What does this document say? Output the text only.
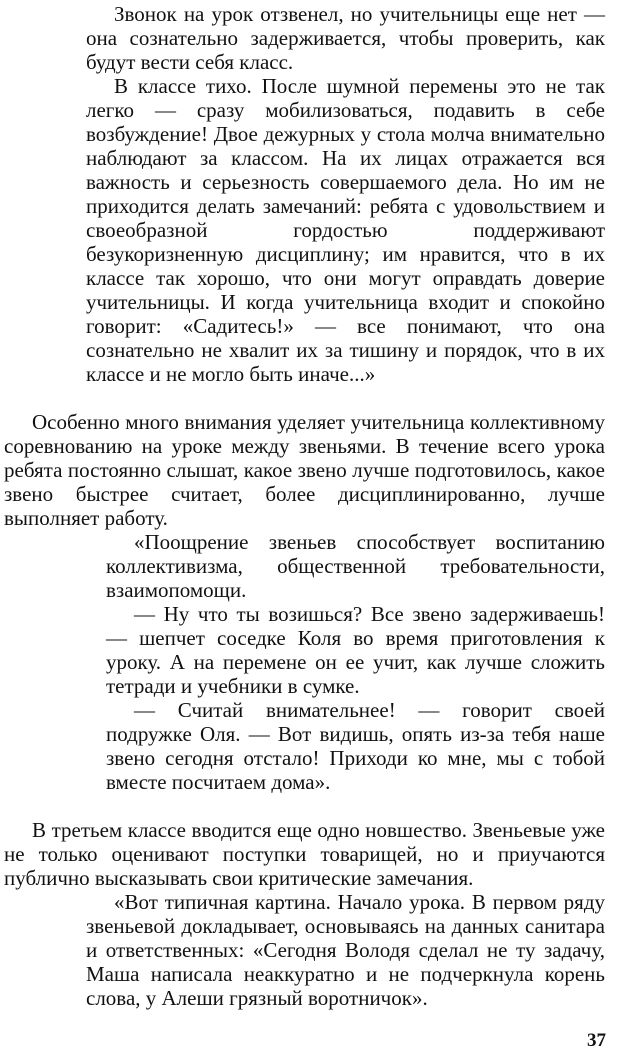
Звонок на урок отзвенел, но учительницы еще нет — она сознательно задерживается, чтобы проверить, как будут вести себя класс.

В классе тихо. После шумной перемены это не так легко — сразу мобилизоваться, подавить в себе возбуждение! Двое дежурных у стола молча внимательно наблюдают за классом. На их лицах отражается вся важность и серьезность совершаемого дела. Но им не приходится делать замечаний: ребята с удовольствием и своеобразной гордостью поддерживают безукоризненную дисциплину; им нравится, что в их классе так хорошо, что они могут оправдать доверие учительницы. И когда учительница входит и спокойно говорит: «Садитесь!» — все понимают, что она сознательно не хвалит их за тишину и порядок, что в их классе и не могло быть иначе...»

Особенно много внимания уделяет учительница коллективному соревнованию на уроке между звеньями. В течение всего урока ребята постоянно слышат, какое звено лучше подготовилось, какое звено быстрее считает, более дисциплинированно, лучше выполняет работу.

«Поощрение звеньев способствует воспитанию коллективизма, общественной требовательности, взаимопомощи.

— Ну что ты возишься? Все звено задерживаешь! — шепчет соседке Коля во время приготовления к уроку. А на перемене он ее учит, как лучше сложить тетради и учебники в сумке.

— Считай внимательнее! — говорит своей подружке Оля. — Вот видишь, опять из-за тебя наше звено сегодня отстало! Приходи ко мне, мы с тобой вместе посчитаем дома».

В третьем классе вводится еще одно новшество. Звеньевые уже не только оценивают поступки товарищей, но и приучаются публично высказывать свои критические замечания.

«Вот типичная картина. Начало урока. В первом ряду звеньевой докладывает, основываясь на данных санитара и ответственных: «Сегодня Володя сделал не ту задачу, Маша написала неаккуратно и не подчеркнула корень слова, у Алеши грязный воротничок».

37
